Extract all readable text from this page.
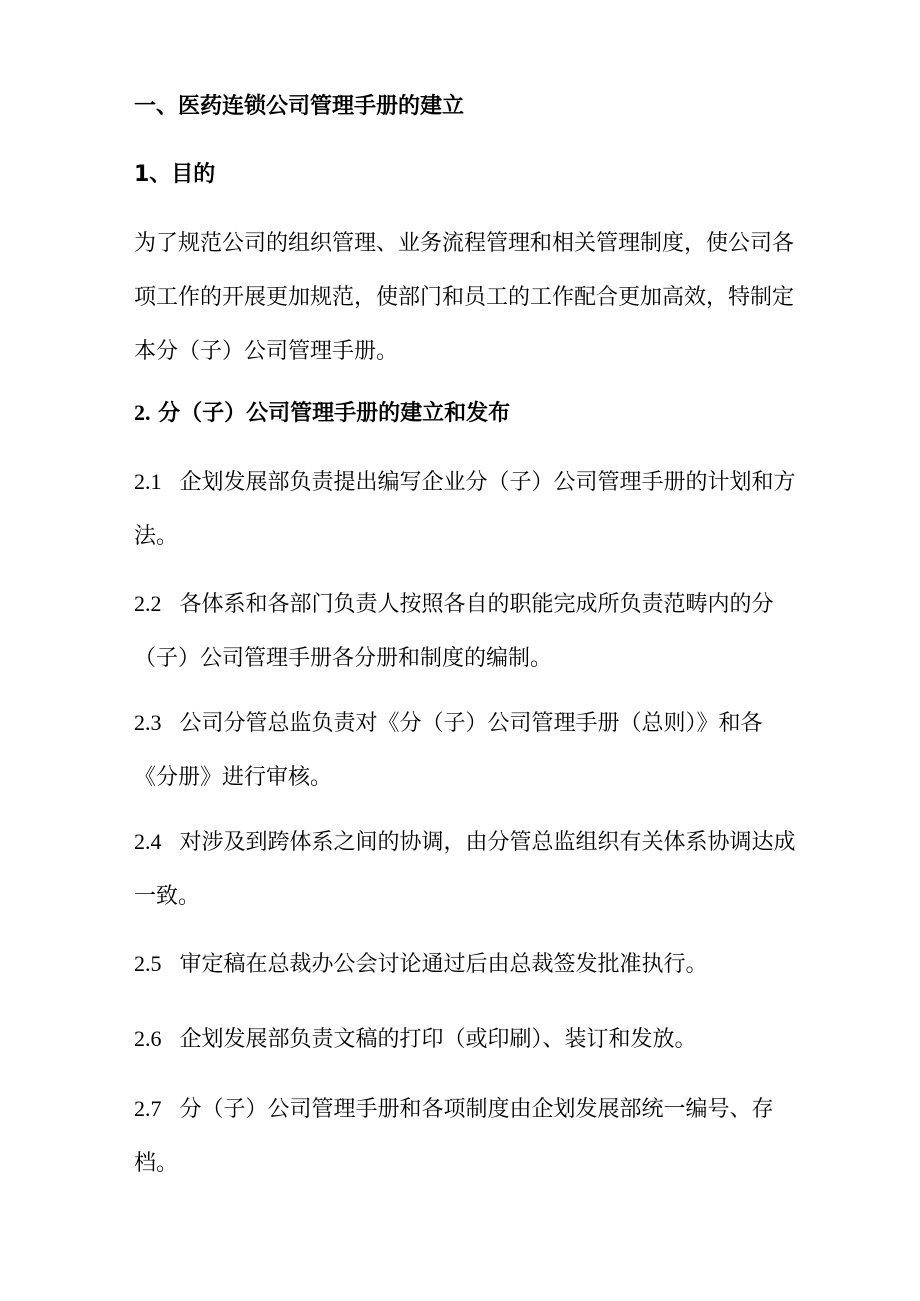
一、医药连锁公司管理手册的建立
1、目的

为了规范公司的组织管理、业务流程管理和相关管理制度，使公司各
项工作的开展更加规范，使部门和员工的工作配合更加高效，特制定
本分（子）公司管理手册。

2. 分（子）公司管理手册的建立和发布

2.1 企划发展部负责提出编写企业分（子）公司管理手册的计划和方
法。

2.2 各体系和各部门负责人按照各自的职能完成所负责范畴内的分
（子）公司管理手册各分册和制度的编制。

2.3 公司分管总监负责对《分（子）公司管理手册（总则）》和各
《分册》进行审核。

2.4 对涉及到跨体系之间的协调，由分管总监组织有关体系协调达成
一致。

2.5 审定稿在总裁办公会讨论通过后由总裁签发批准执行。

2.6 企划发展部负责文稿的打印（或印刷）、装订和发放。

2.7 分（子）公司管理手册和各项制度由企划发展部统一编号、存
档。
